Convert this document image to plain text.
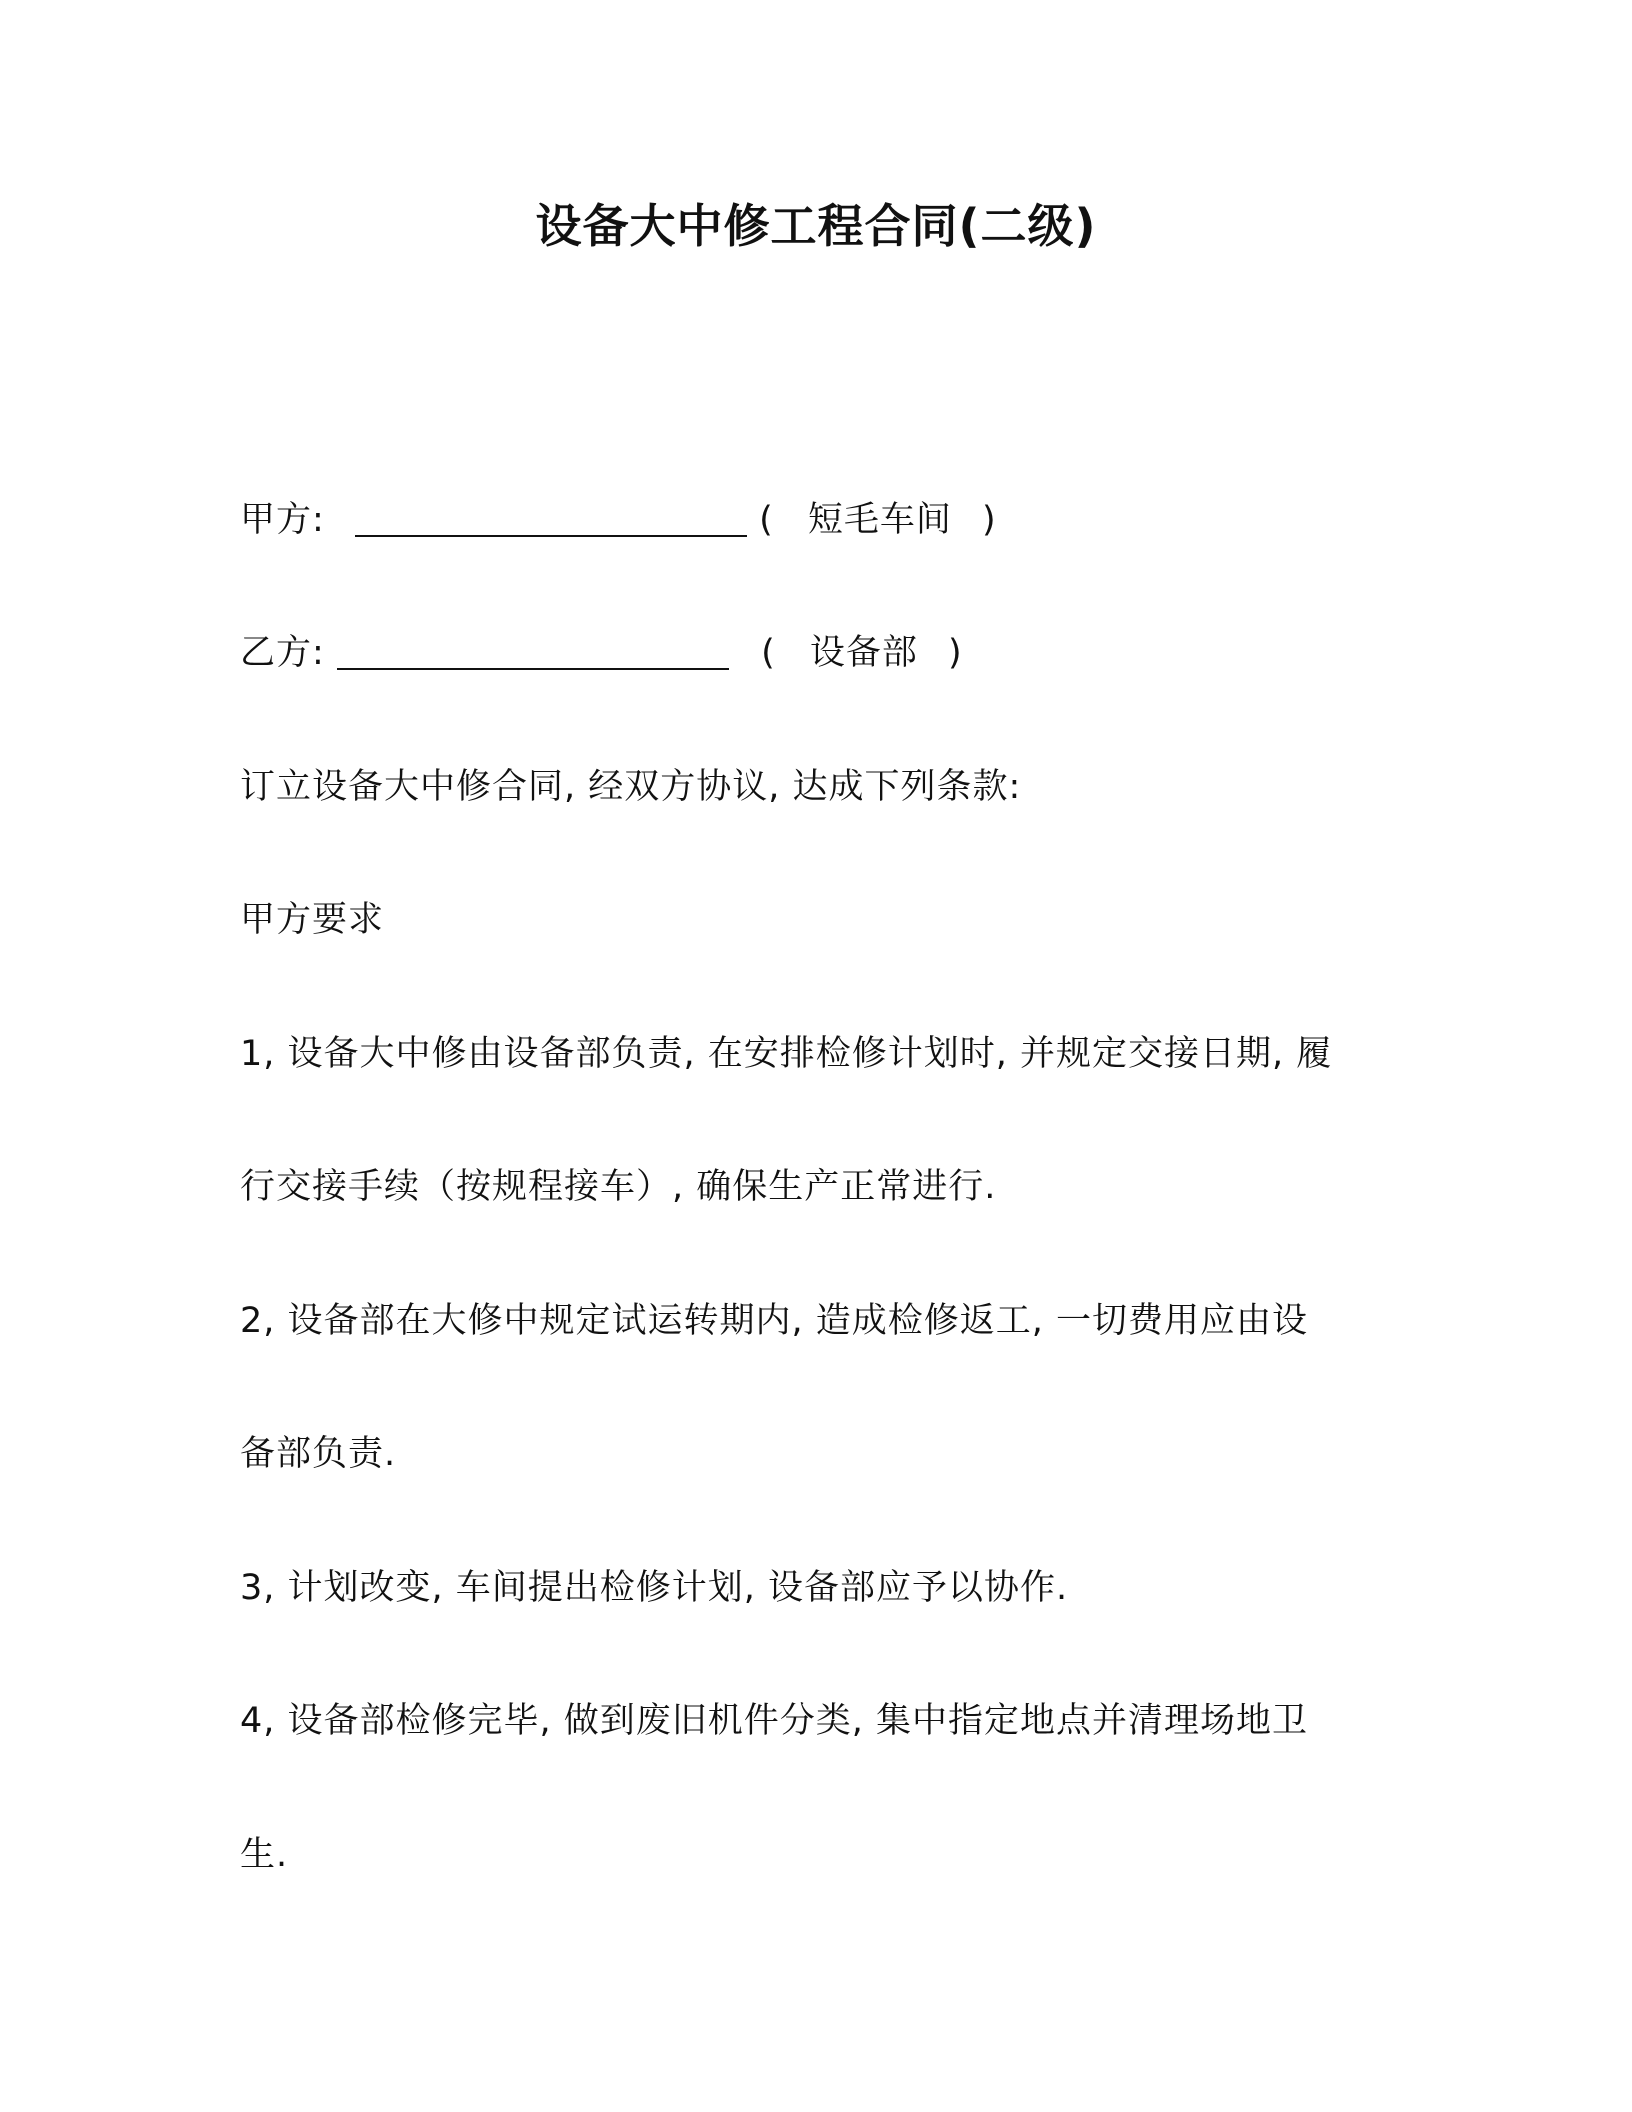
设备大中修工程合同(二级)
甲方:	( 短毛车间 )
乙方:	( 设备部 )
订立设备大中修合同, 经双方协议, 达成下列条款:
甲方要求
1, 设备大中修由设备部负责, 在安排检修计划时, 并规定交接日期, 履
行交接手续（按规程接车）, 确保生产正常进行.
2, 设备部在大修中规定试运转期内, 造成检修返工, 一切费用应由设
备部负责.
3, 计划改变, 车间提出检修计划, 设备部应予以协作.
4, 设备部检修完毕, 做到废旧机件分类, 集中指定地点并清理场地卫
生.
